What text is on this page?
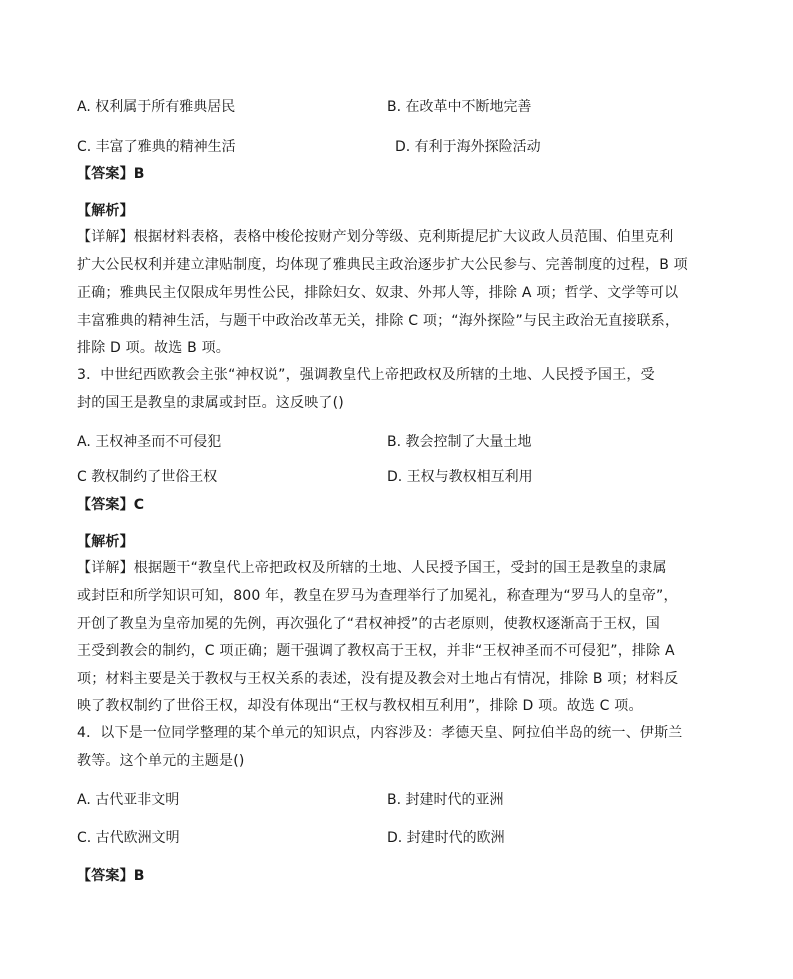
A. 权利属于所有雅典居民	B. 在改革中不断地完善
C. 丰富了雅典的精神生活	D. 有利于海外探险活动
【答案】B
【解析】
【详解】根据材料表格，表格中梭伦按财产划分等级、克利斯提尼扩大议政人员范围、伯里克利
扩大公民权利并建立津贴制度，均体现了雅典民主政治逐步扩大公民参与、完善制度的过程，B 项
正确；雅典民主仅限成年男性公民，排除妇女、奴隶、外邦人等，排除 A 项；哲学、文学等可以
丰富雅典的精神生活，与题干中政治改革无关，排除 C 项；“海外探险”与民主政治无直接联系，
排除 D 项。故选 B 项。
3．中世纪西欧教会主张“神权说”，强调教皇代上帝把政权及所辖的土地、人民授予国王，受
封的国王是教皇的隶属或封臣。这反映了()
A. 王权神圣而不可侵犯	B. 教会控制了大量土地
C 教权制约了世俗王权	D. 王权与教权相互利用
【答案】C
【解析】
【详解】根据题干“教皇代上帝把政权及所辖的土地、人民授予国王，受封的国王是教皇的隶属
或封臣和所学知识可知，800 年，教皇在罗马为查理举行了加冕礼，称查理为“罗马人的皇帝”，
开创了教皇为皇帝加冕的先例，再次强化了“君权神授”的古老原则，使教权逐渐高于王权，国
王受到教会的制约，C 项正确；题干强调了教权高于王权，并非“王权神圣而不可侵犯”，排除 A
项；材料主要是关于教权与王权关系的表述，没有提及教会对土地占有情况，排除 B 项；材料反
映了教权制约了世俗王权，却没有体现出“王权与教权相互利用”，排除 D 项。故选 C 项。
4．以下是一位同学整理的某个单元的知识点，内容涉及：孝德天皇、阿拉伯半岛的统一、伊斯兰
教等。这个单元的主题是()
A. 古代亚非文明	B. 封建时代的亚洲
C. 古代欧洲文明	D. 封建时代的欧洲
【答案】B
